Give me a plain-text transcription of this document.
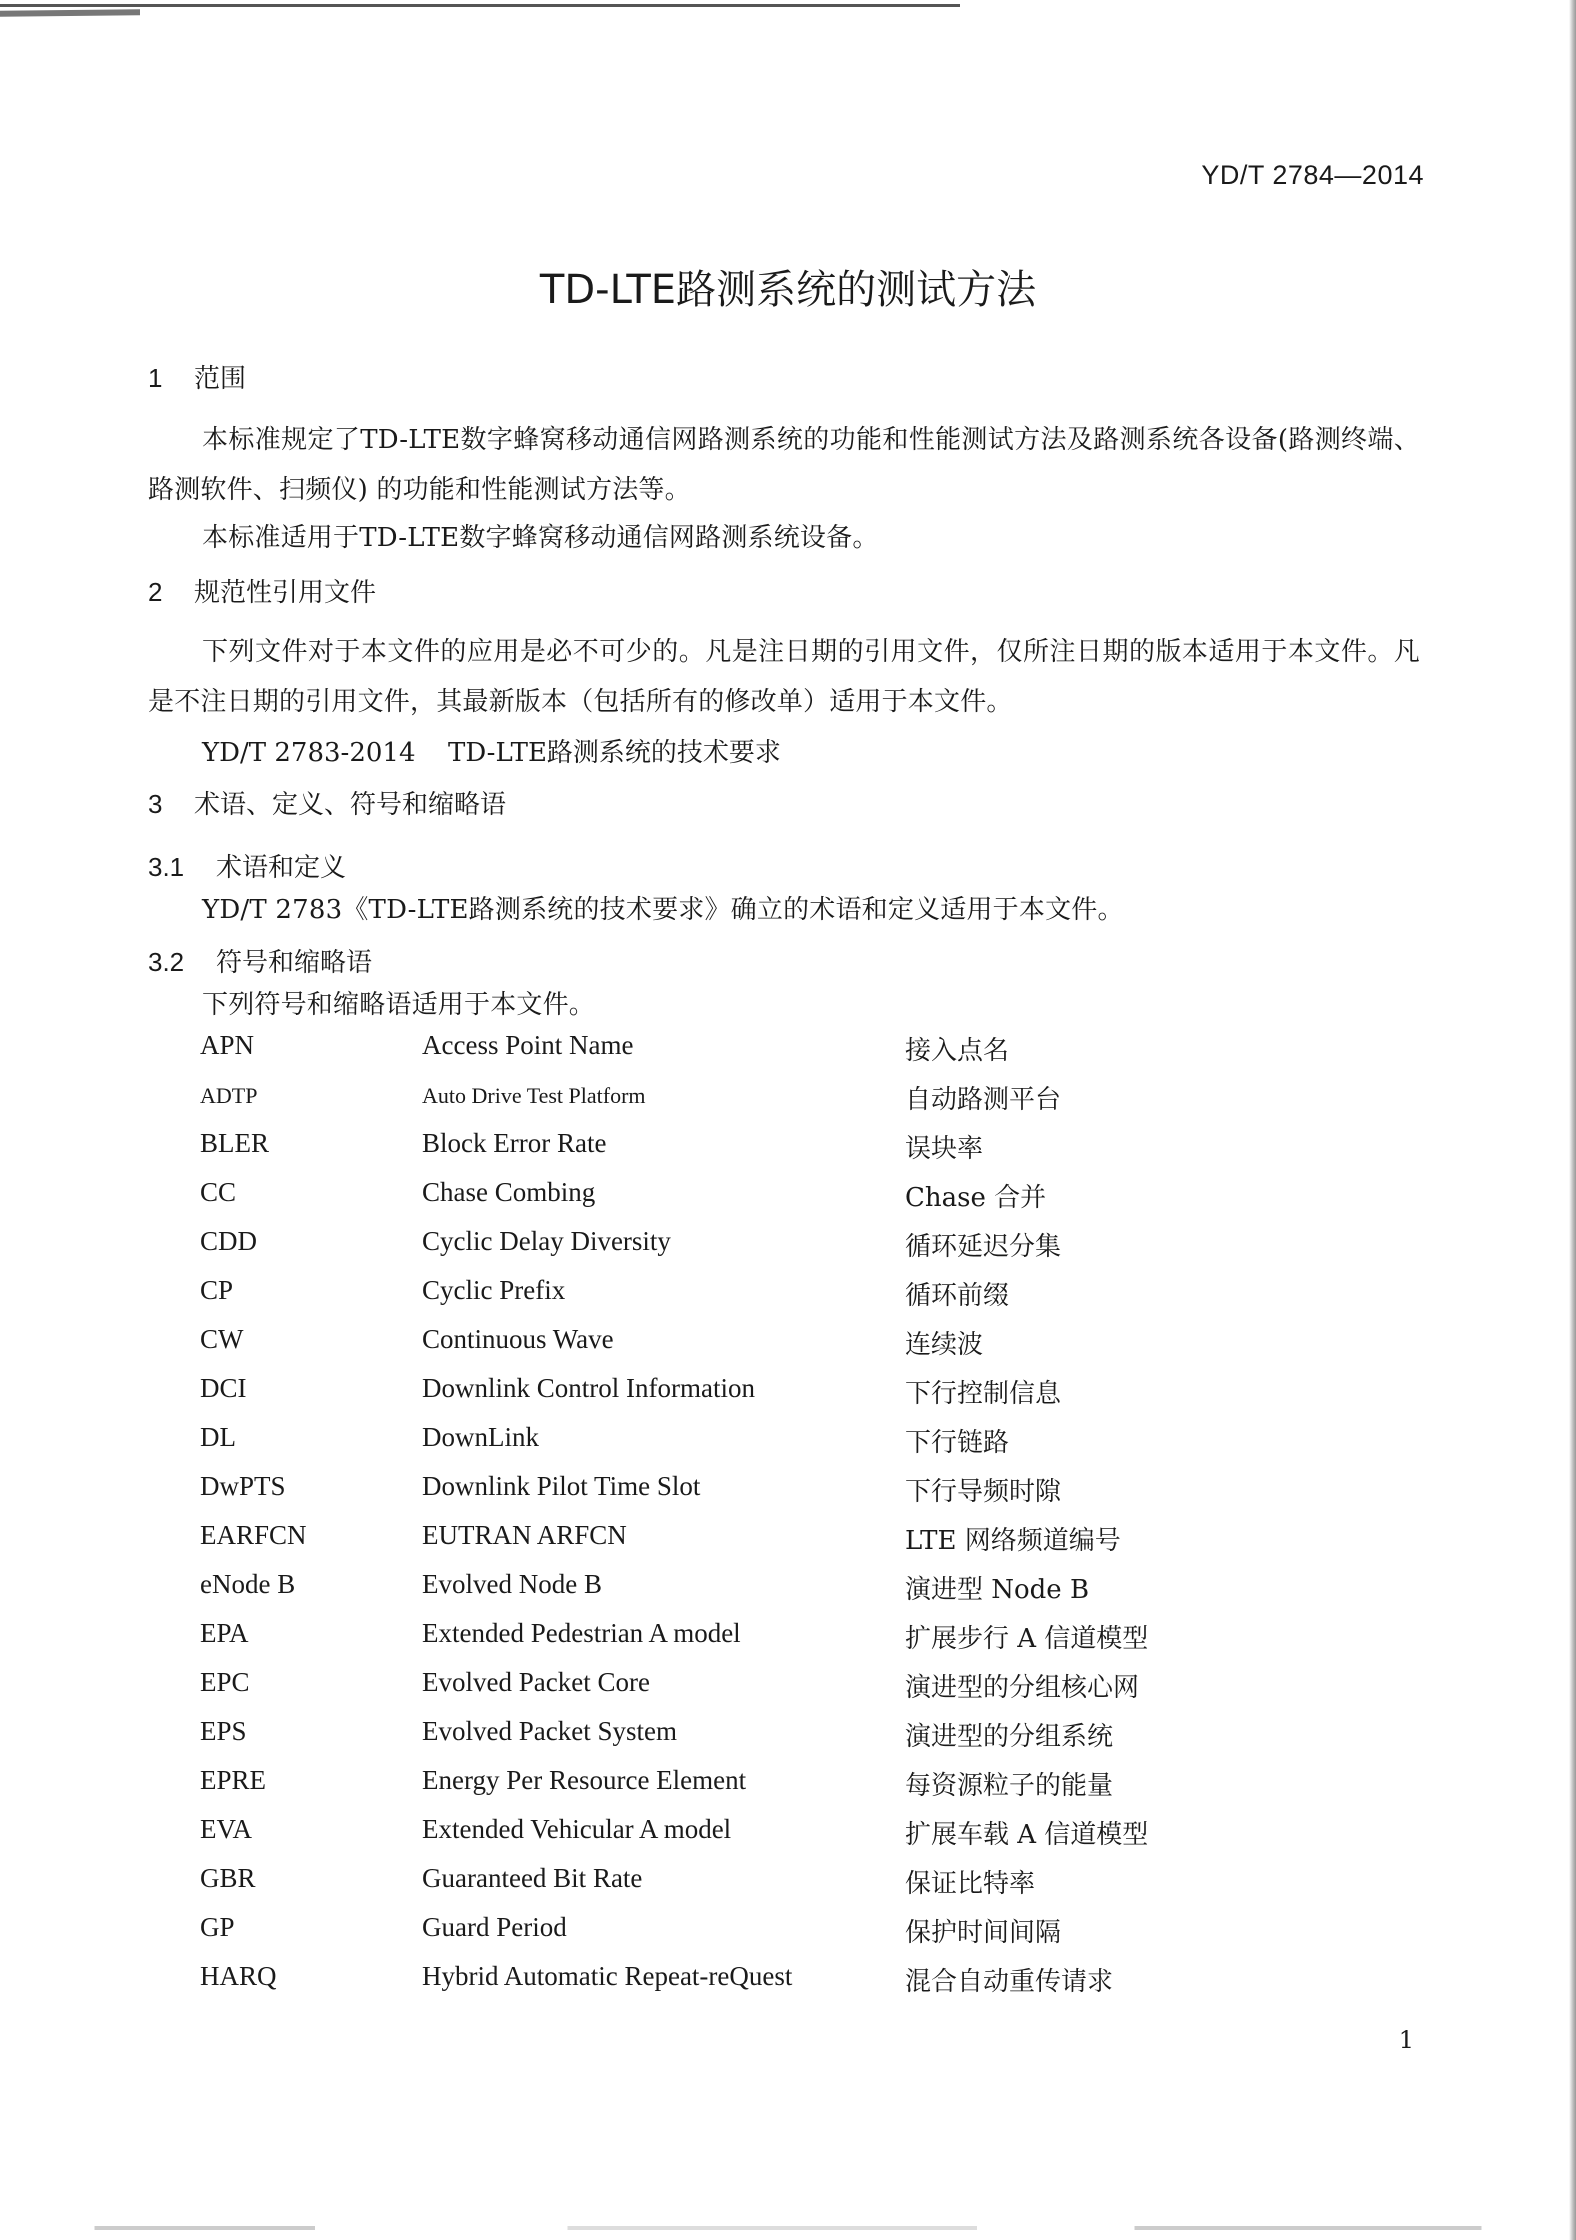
YD/T 2784—2014
TD-LTE路测系统的测试方法
1 范围
本标准规定了TD-LTE数字蜂窝移动通信网路测系统的功能和性能测试方法及路测系统各设备(路测终端、路测软件、扫频仪) 的功能和性能测试方法等。
本标准适用于TD-LTE数字蜂窝移动通信网路测系统设备。
2 规范性引用文件
下列文件对于本文件的应用是必不可少的。凡是注日期的引用文件，仅所注日期的版本适用于本文件。凡是不注日期的引用文件，其最新版本（包括所有的修改单）适用于本文件。
YD/T 2783-2014 TD-LTE路测系统的技术要求
3 术语、定义、符号和缩略语
3.1 术语和定义
YD/T 2783《TD-LTE路测系统的技术要求》确立的术语和定义适用于本文件。
3.2 符号和缩略语
下列符号和缩略语适用于本文件。
APN	Access Point Name	接入点名
ADTP	Auto Drive Test Platform	自动路测平台
BLER	Block Error Rate	误块率
CC	Chase Combing	Chase 合并
CDD	Cyclic Delay Diversity	循环延迟分集
CP	Cyclic Prefix	循环前缀
CW	Continuous Wave	连续波
DCI	Downlink Control Information	下行控制信息
DL	DownLink	下行链路
DwPTS	Downlink Pilot Time Slot	下行导频时隙
EARFCN	EUTRAN ARFCN	LTE 网络频道编号
eNode B	Evolved Node B	演进型 Node B
EPA	Extended Pedestrian A model	扩展步行 A 信道模型
EPC	Evolved Packet Core	演进型的分组核心网
EPS	Evolved Packet System	演进型的分组系统
EPRE	Energy Per Resource Element	每资源粒子的能量
EVA	Extended Vehicular A model	扩展车载 A 信道模型
GBR	Guaranteed Bit Rate	保证比特率
GP	Guard Period	保护时间间隔
HARQ	Hybrid Automatic Repeat-reQuest	混合自动重传请求
1
